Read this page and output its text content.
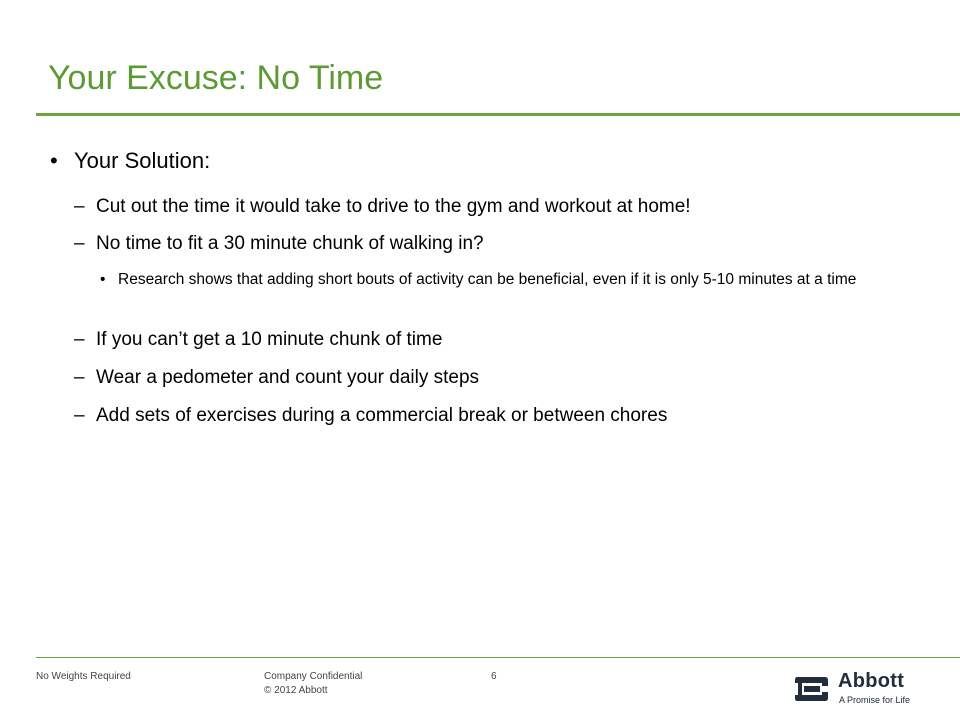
Your Excuse: No Time
• Your Solution:
– Cut out the time it would take to drive to the gym and workout at home!
– No time to fit a 30 minute chunk of walking in?
• Research shows that adding short bouts of activity can be beneficial, even if it is only 5-10 minutes at a time
– If you can’t get a 10 minute chunk of time
– Wear a pedometer and count your daily steps
– Add sets of exercises during a commercial break or between chores
No Weights Required	Company Confidential
© 2012 Abbott
6	Abbott
A Promise for Life
